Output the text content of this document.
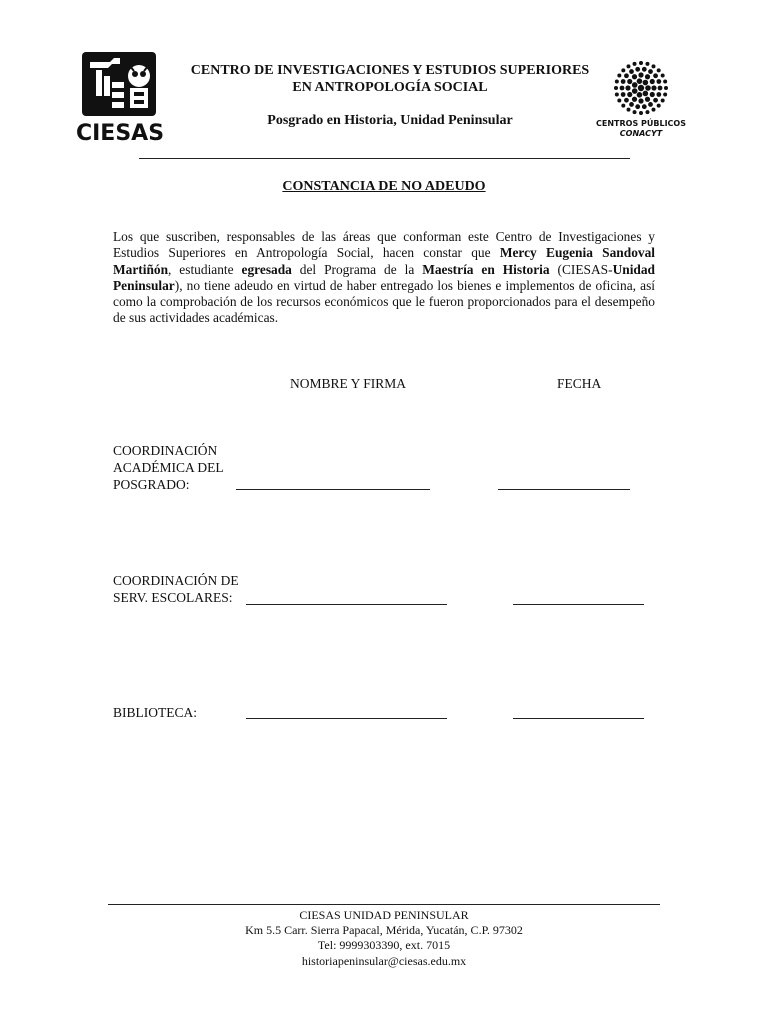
CIESAS	CENTROS PÚBLICOS
CONACYT
CENTRO DE INVESTIGACIONES Y ESTUDIOS SUPERIORES
EN ANTROPOLOGÍA SOCIAL
Posgrado en Historia, Unidad Peninsular
CONSTANCIA DE NO ADEUDO
Los que suscriben, responsables de las áreas que conforman este Centro de Investigaciones y Estudios Superiores en Antropología Social, hacen constar que Mercy Eugenia Sandoval Martiñón, estudiante egresada del Programa de la Maestría en Historia (CIESAS-Unidad Peninsular), no tiene adeudo en virtud de haber entregado los bienes e implementos de oficina, así como la comprobación de los recursos económicos que le fueron proporcionados para el desempeño de sus actividades académicas.
NOMBRE Y FIRMA	FECHA
COORDINACIÓN
ACADÉMICA DEL
POSGRADO:
COORDINACIÓN DE
SERV. ESCOLARES:
BIBLIOTECA:
CIESAS UNIDAD PENINSULAR
Km 5.5 Carr. Sierra Papacal, Mérida, Yucatán, C.P. 97302
Tel: 9999303390, ext. 7015
historiapeninsular@ciesas.edu.mx
